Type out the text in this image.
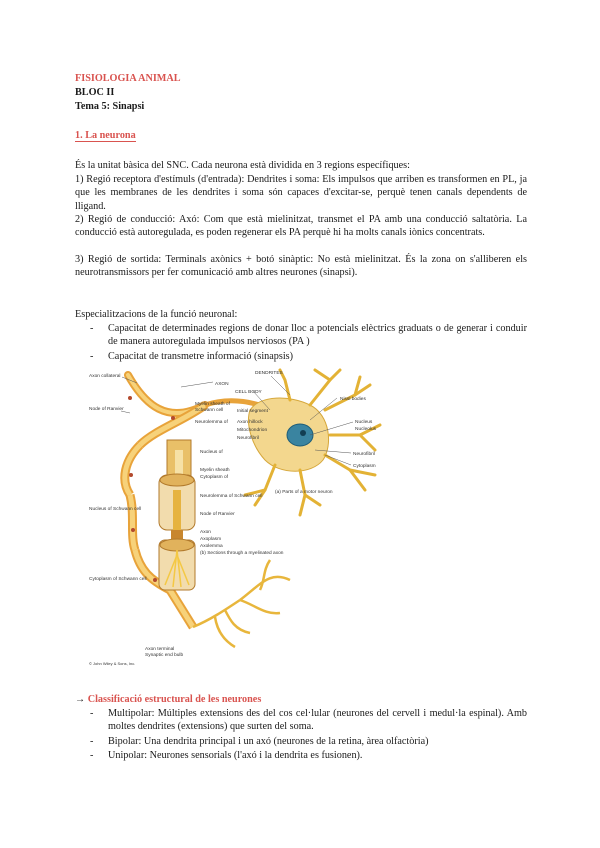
FISIOLOGIA ANIMAL
BLOC II
Tema 5: Sinapsi
1. La neurona
És la unitat bàsica del SNC. Cada neurona està dividida en 3 regions específiques:
1) Regió receptora d'estímuls (d'entrada): Dendrites i soma: Els impulsos que arriben es transformen en PL, ja que les membranes de les dendrites i soma són capaces d'excitar-se, perquè tenen canals dependents de lligand.
2) Regió de conducció: Axó: Com que està mielinitzat, transmet el PA amb una conducció saltatòria. La conducció està autoregulada, es poden regenerar els PA perquè hi ha molts canals iònics concentrats.
3) Regió de sortida: Terminals axònics + botó sinàptic: No està mielinitzat. És la zona on s'alliberen els neurotransmissors per fer comunicació amb altres neurones (sinapsi).
Especialitzacions de la funció neuronal:
- Capacitat de determinades regions de donar lloc a potencials elèctrics graduats o de generar i conduir de manera autoregulada impulsos nerviosos (PA )
- Capacitat de transmetre informació (sinapsis)
Axon collateral
AXON
DENDRITES
CELL BODY
Nissl bodies
Node of Ranvier
Myelin sheath of
Schwann cell	Initial segment
Axon hillock
Neurolemma of
Mitochondrion
Nucleus
Nucleolus
Neurofibril
Neurofibril
Nucleus of
Cytoplasm
Myelin sheath
Cytoplasm of
(a) Parts of a motor neuron
Neurolemma of Schwann cell
Node of Ranvier
Nucleus of Schwann cell
Axon
Axoplasm
Axolemma
(b) Sections through a myelinated axon
Cytoplasm of Schwann cell
Axon terminal
Synaptic end bulb
© John Wiley & Sons, Inc.
→ Classificació estructural de les neurones
- Multipolar: Múltiples extensions des del cos cel·lular (neurones del cervell i medul·la espinal). Amb moltes dendrites (extensions) que surten del soma.
- Bipolar: Una dendrita principal i un axó (neurones de la retina, àrea olfactòria)
- Unipolar: Neurones sensorials (l'axó i la dendrita es fusionen).
